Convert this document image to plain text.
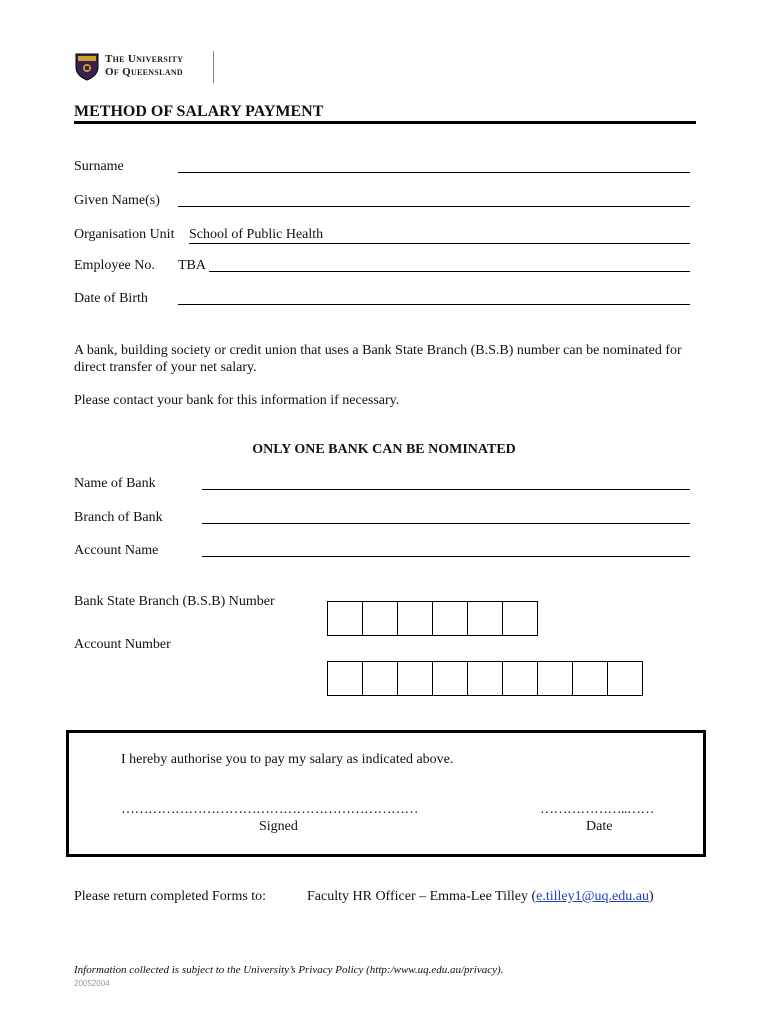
The University
Of Queensland
METHOD OF SALARY PAYMENT
Surname
Given Name(s)
Organisation Unit School of Public Health
Employee No. TBA
Date of Birth
A bank, building society or credit union that uses a Bank State Branch (B.S.B) number can be nominated for direct transfer of your net salary.
Please contact your bank for this information if necessary.
ONLY ONE BANK CAN BE NOMINATED
Name of Bank
Branch of Bank
Account Name
Bank State Branch (B.S.B) Number
Account Number
I hereby authorise you to pay my salary as indicated above.
…………………………………………………………
Signed
………………..……
Date
Please return completed Forms to:	Faculty HR Officer – Emma-Lee Tilley (e.tilley1@uq.edu.au)
Information collected is subject to the University’s Privacy Policy (http:/www.uq.edu.au/privacy).
20052004
